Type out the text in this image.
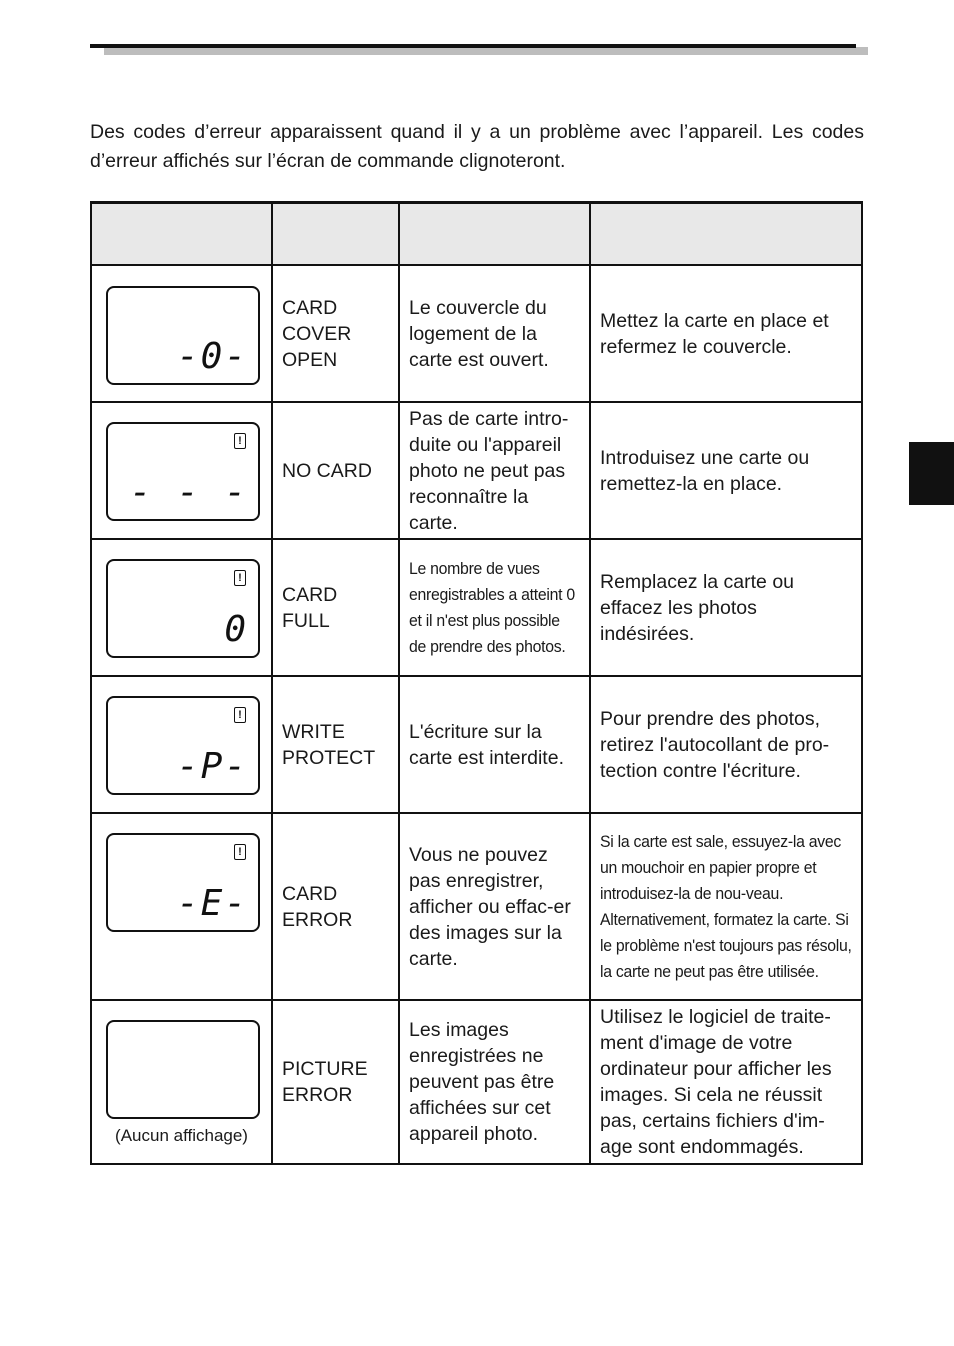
Des codes d’erreur apparaissent quand il y a un problème avec l’appareil. Les codes d’erreur affichés sur l’écran de commande clignoteront.

-0-	CARD COVER OPEN	Le couvercle du logement de la carte est ouvert.	Mettez la carte en place et refermez le couvercle.

!
- - -	NO CARD	Pas de carte intro-duite ou l'appareil photo ne peut pas reconnaître la carte.	Introduisez une carte ou remettez-la en place.

!
0	CARD FULL	Le nombre de vues enregistrables a atteint 0 et il n'est plus possible de prendre des photos.	Remplacez la carte ou effacez les photos indésirées.

!
-P-	WRITE PROTECT	L'écriture sur la carte est interdite.	Pour prendre des photos, retirez l'autocollant de pro-tection contre l'écriture.

!
-E-	CARD ERROR	Vous ne pouvez pas enregistrer, afficher ou effac-er des images sur la carte.	Si la carte est sale, essuyez-la avec un mouchoir en papier propre et introduisez-la de nou-veau. Alternativement, formatez la carte. Si le problème n'est toujours pas résolu, la carte ne peut pas être utilisée.

(Aucun affichage)	PICTURE ERROR	Les images enregistrées ne peuvent pas être affichées sur cet appareil photo.	Utilisez le logiciel de traite-ment d'image de votre ordinateur pour afficher les images. Si cela ne réussit pas, certains fichiers d'im-age sont endommagés.
